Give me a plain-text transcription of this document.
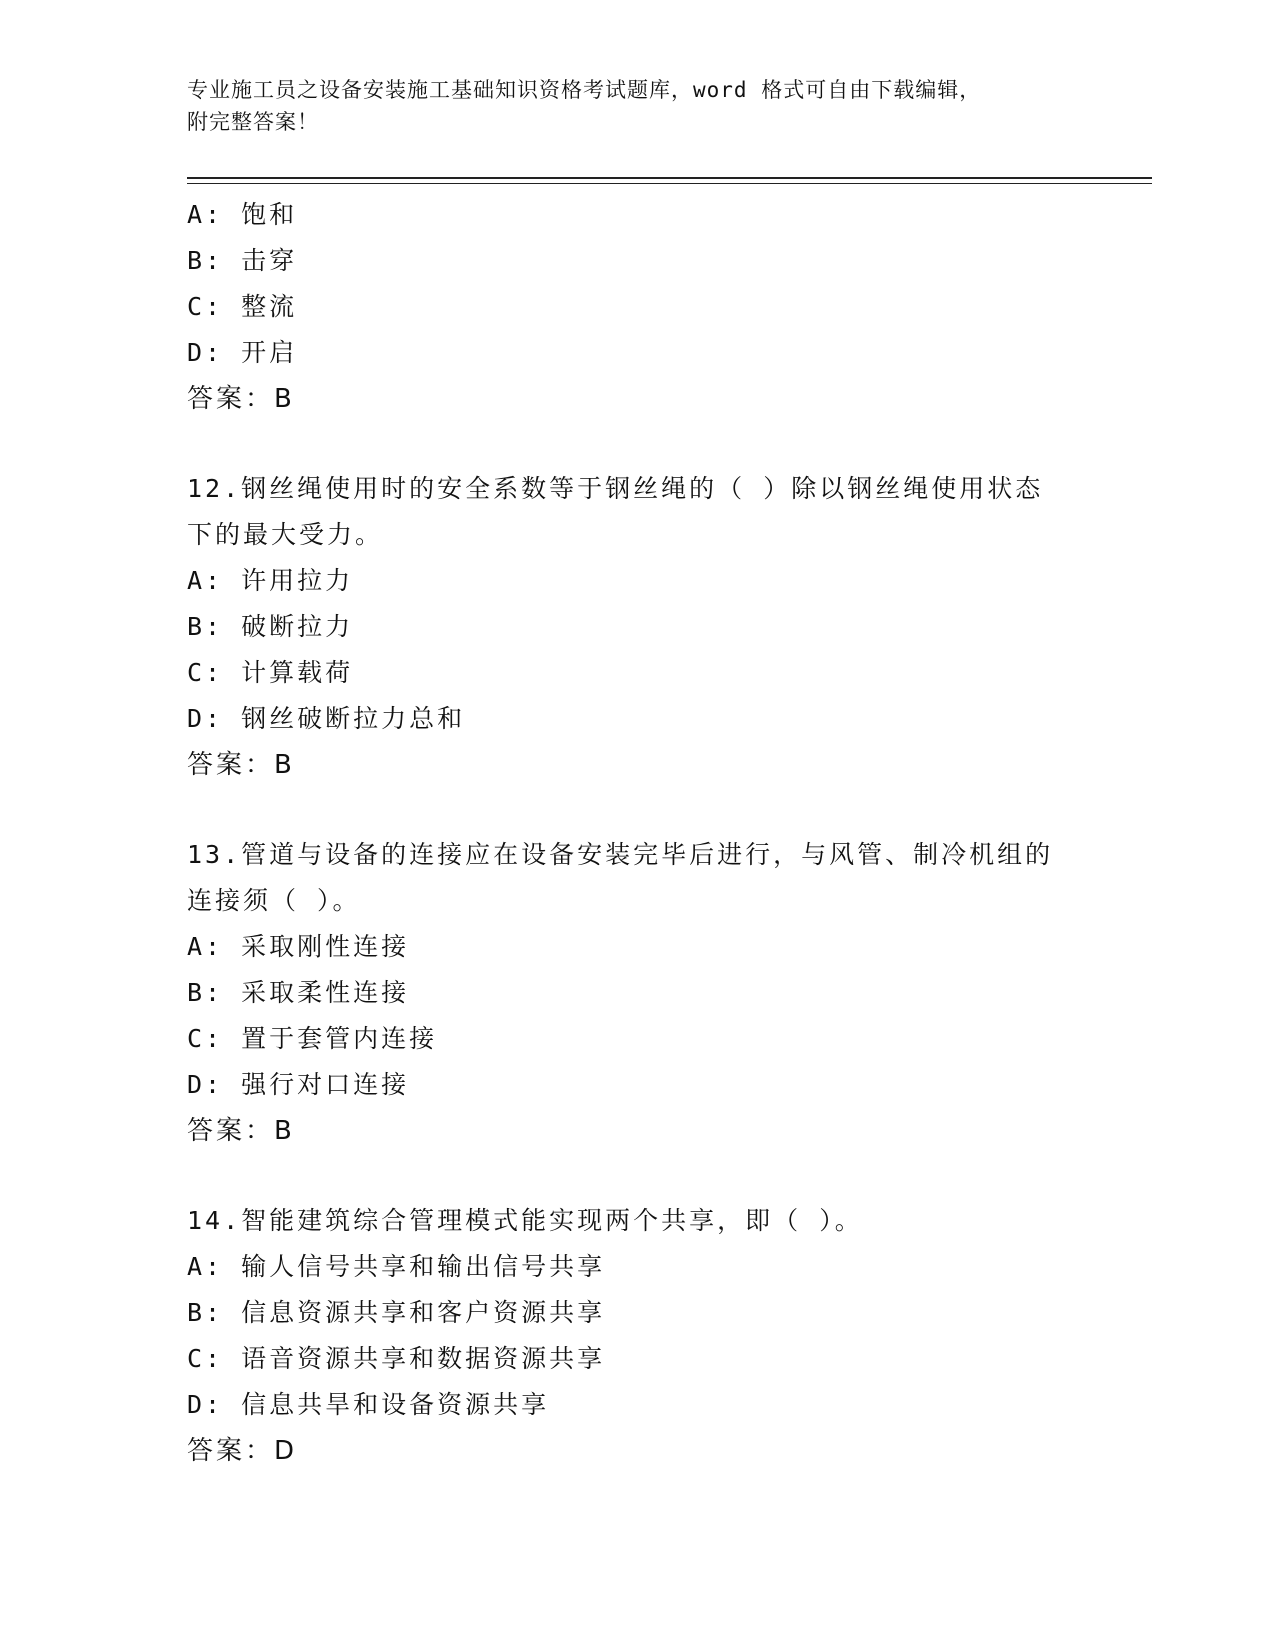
专业施工员之设备安装施工基础知识资格考试题库，word 格式可自由下载编辑，
附完整答案！
A: 饱和
B: 击穿
C: 整流
D: 开启
答案：B
12.钢丝绳使用时的安全系数等于钢丝绳的（ ）除以钢丝绳使用状态
下的最大受力。
A: 许用拉力
B: 破断拉力
C: 计算载荷
D: 钢丝破断拉力总和
答案：B
13.管道与设备的连接应在设备安装完毕后进行，与风管、制冷机组的
连接须（ ）。
A: 采取刚性连接
B: 采取柔性连接
C: 置于套管内连接
D: 强行对口连接
答案：B
14.智能建筑综合管理模式能实现两个共享，即（ ）。
A: 输人信号共享和输出信号共享
B: 信息资源共享和客户资源共享
C: 语音资源共享和数据资源共享
D: 信息共旱和设备资源共享
答案：D
